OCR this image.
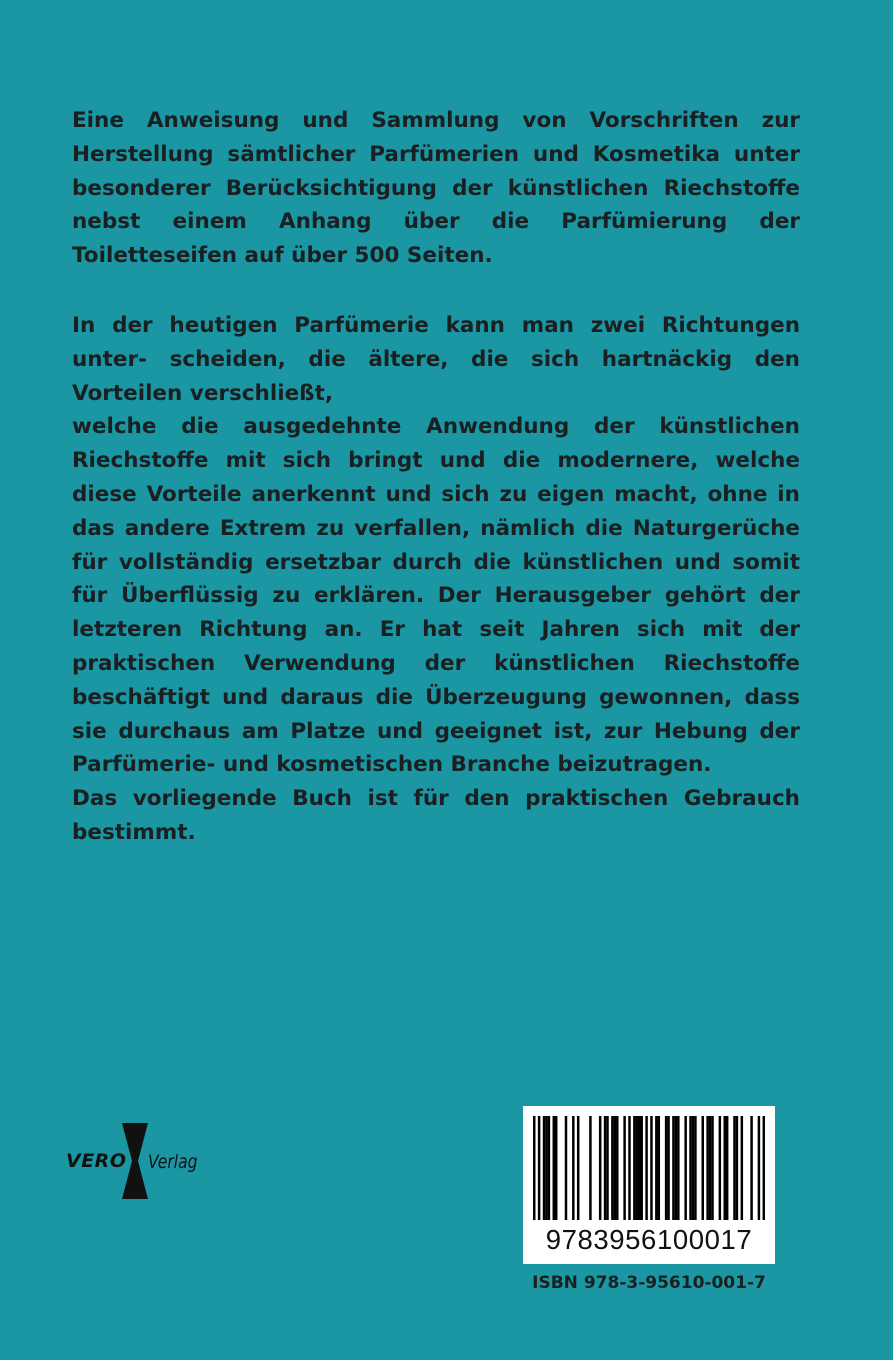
Eine Anweisung und Sammlung von Vorschriften zur
Herstellung sämtlicher Parfümerien und Kosmetika unter
besonderer Berücksichtigung der künstlichen Riechstoffe
nebst einem Anhang über die Parfümierung der
Toiletteseifen auf über 500 Seiten.
In der heutigen Parfümerie kann man zwei Richtungen
unter- scheiden, die ältere, die sich hartnäckig den
Vorteilen verschließt,
welche die ausgedehnte Anwendung der künstlichen
Riechstoffe mit sich bringt und die modernere, welche
diese Vorteile anerkennt und sich zu eigen macht, ohne in
das andere Extrem zu verfallen, nämlich die Naturgerüche
für vollständig ersetzbar durch die künstlichen und somit
für Überflüssig zu erklären. Der Herausgeber gehört der
letzteren Richtung an. Er hat seit Jahren sich mit der
praktischen Verwendung der künstlichen Riechstoffe
beschäftigt und daraus die Überzeugung gewonnen, dass
sie durchaus am Platze und geeignet ist, zur Hebung der
Parfümerie- und kosmetischen Branche beizutragen.
Das vorliegende Buch ist für den praktischen Gebrauch
bestimmt.
VERO Verlag
9783956100017
ISBN 978-3-95610-001-7
